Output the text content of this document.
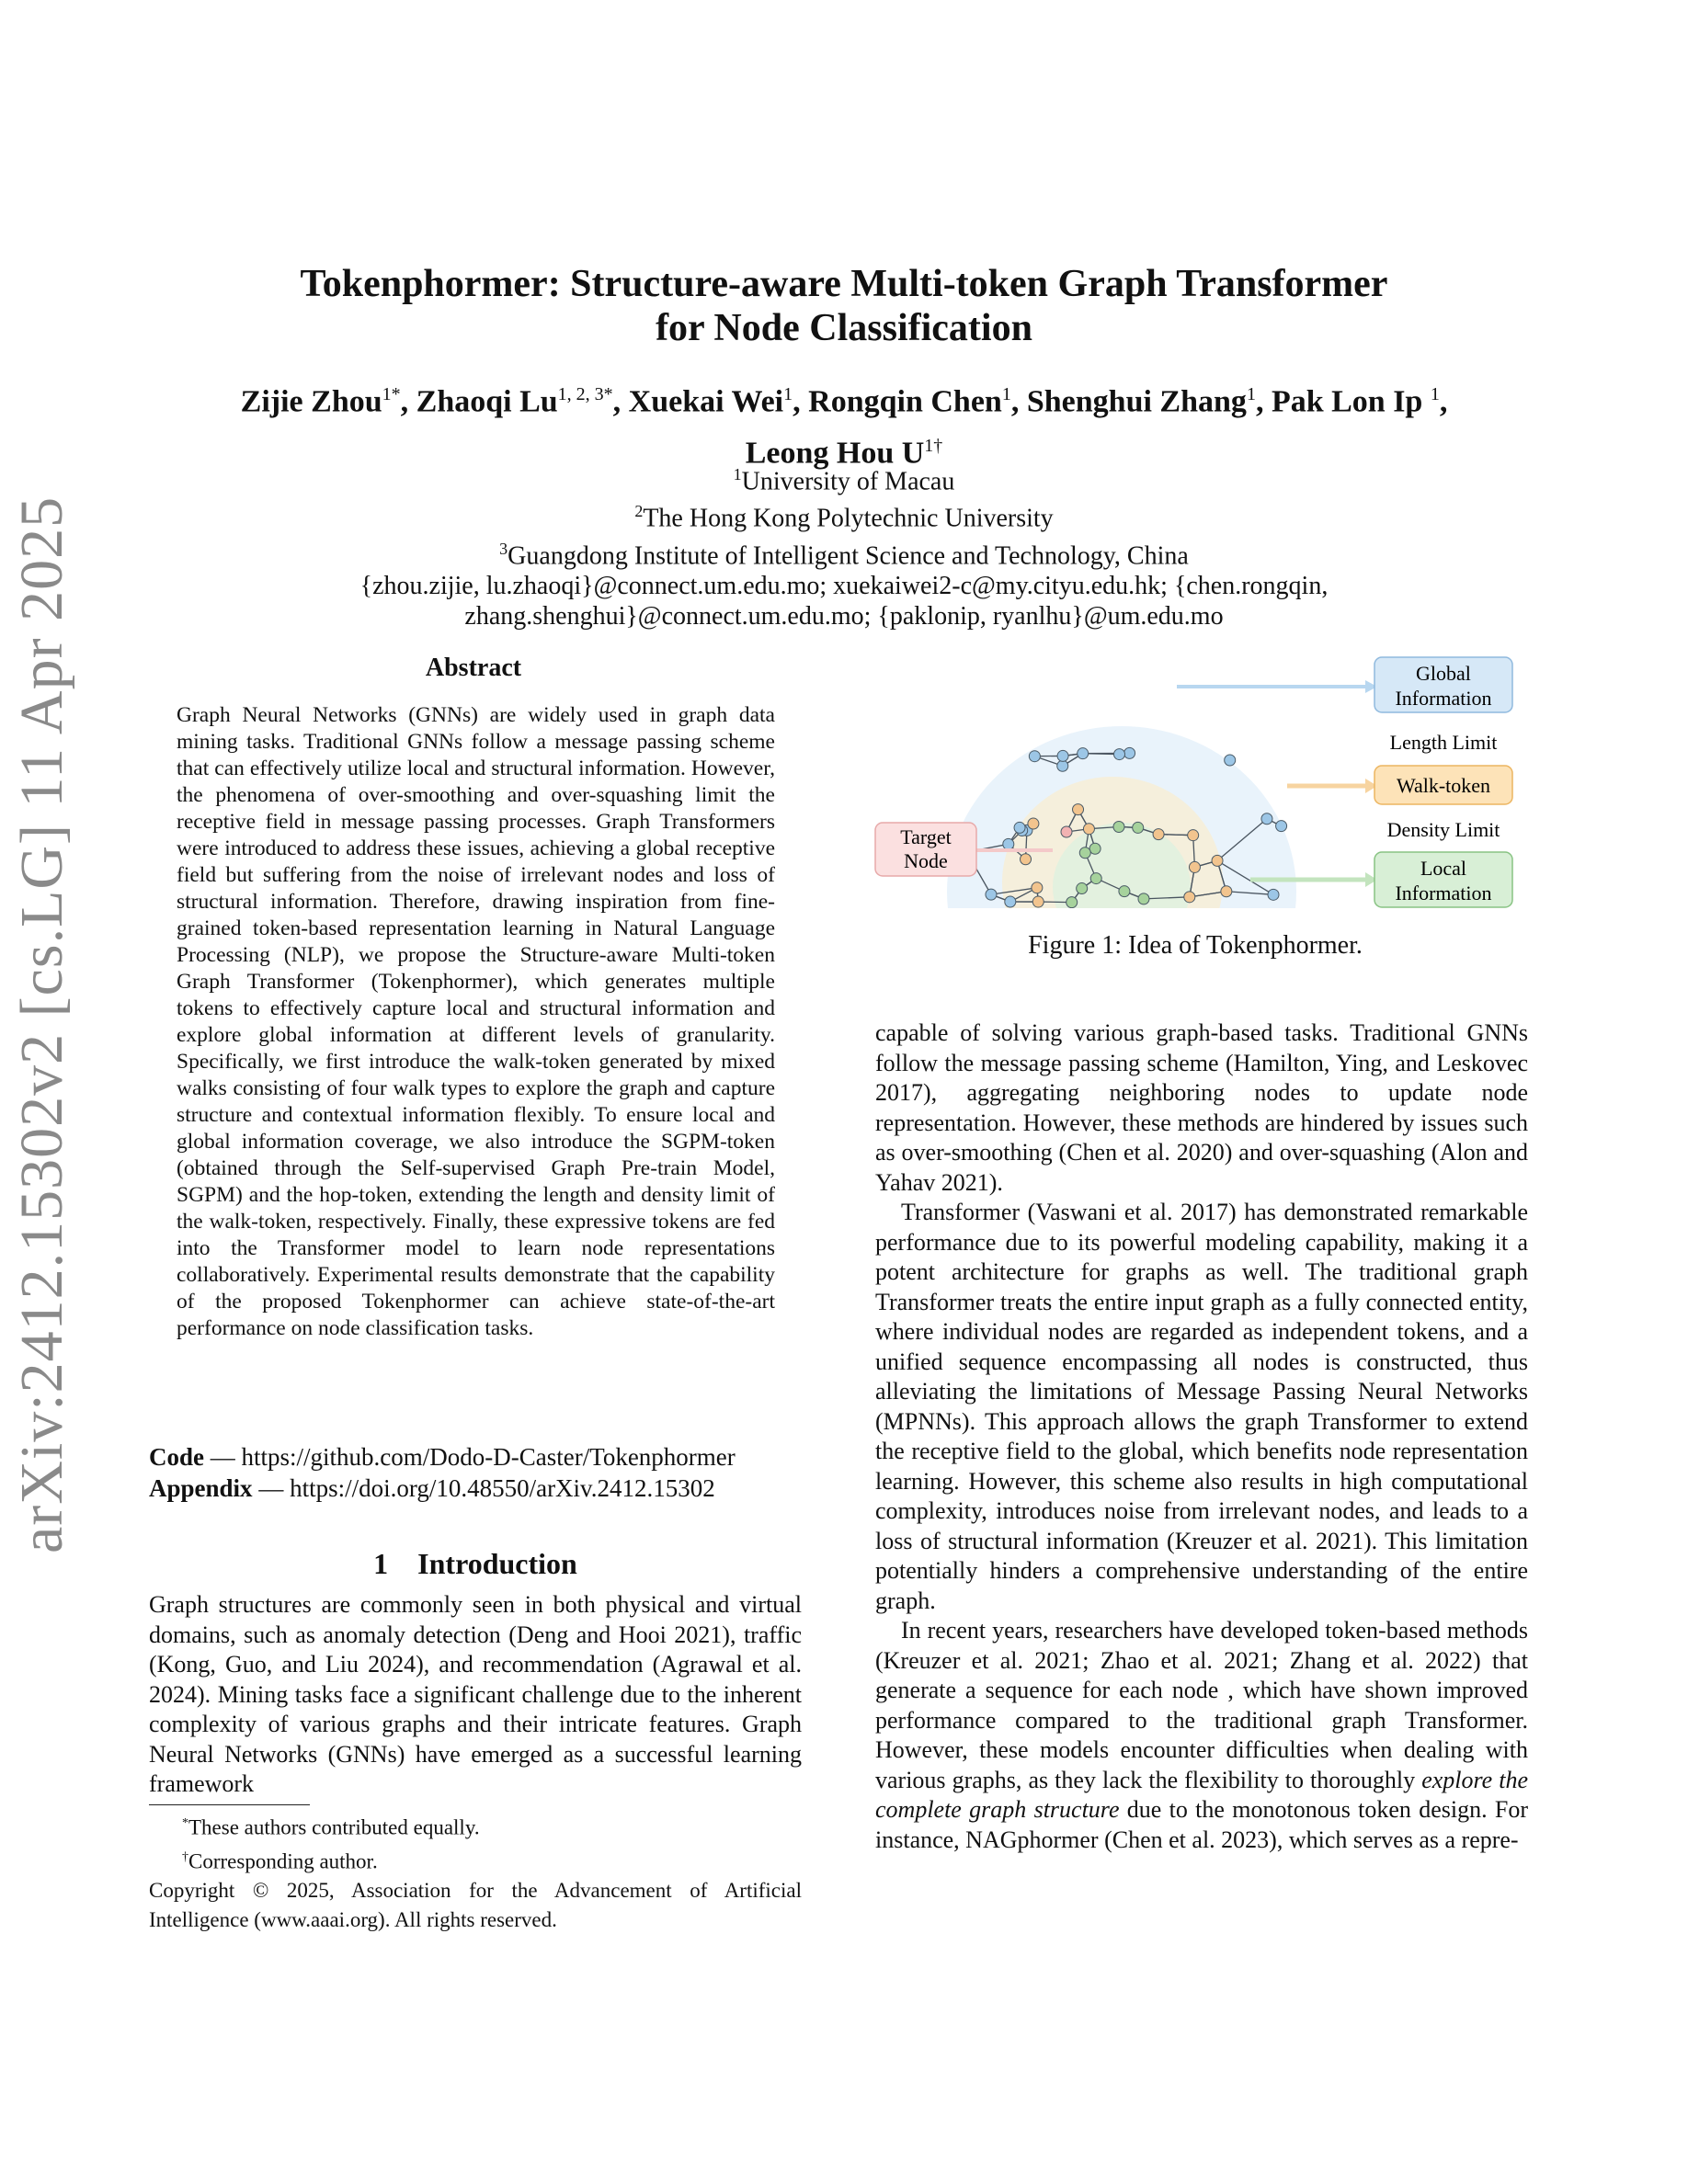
arXiv:2412.15302v2 [cs.LG] 11 Apr 2025
Tokenphormer: Structure-aware Multi-token Graph Transformer
for Node Classification
Zijie Zhou$^{1*}$, Zhaoqi $Lu^{1, 2, 3*}$, Xuekai Wei$^1$, Rongqin Chen$^1$, Shenghui Zhang$^1$, Pak Lon Ip $^1$,
Leong Hou $U^{1\dagger}$
$^1$University of Macau
$^2$The Hong Kong Polytechnic University
$^3$Guangdong Institute of Intelligent Science and Technology, China
{zhou.zijie, lu.zhaoqi}@connect.um.edu.mo; xuekaiwei2-c@my.cityu.edu.hk; {chen.rongqin,
zhang.shenghui}@connect.um.edu.mo; {paklonip, ryanlhu}@um.edu.mo
Abstract
Graph Neural Networks (GNNs) are widely used in graph data mining tasks. Traditional GNNs follow a message passing scheme that can effectively utilize local and structural information. However, the phenomena of over-smoothing and over-squashing limit the receptive field in message passing processes. Graph Transformers were introduced to address these issues, achieving a global receptive field but suffering from the noise of irrelevant nodes and loss of structural information. Therefore, drawing inspiration from fine-grained token-based representation learning in Natural Language Processing (NLP), we propose the Structure-aware Multi-token Graph Transformer (Tokenphormer), which generates multiple tokens to effectively capture local and structural information and explore global information at different levels of granularity. Specifically, we first introduce the walk-token generated by mixed walks consisting of four walk types to explore the graph and capture structure and contextual information flexibly. To ensure local and global information coverage, we also introduce the SGPM-token (obtained through the Self-supervised Graph Pre-train Model, SGPM) and the hop-token, extending the length and density limit of the walk-token, respectively. Finally, these expressive tokens are fed into the Transformer model to learn node representations collaboratively. Experimental results demonstrate that the capability of the proposed Tokenphormer can achieve state-of-the-art performance on node classification tasks.
Code — https://github.com/Dodo-D-Caster/Tokenphormer
Appendix — https://doi.org/10.48550/arXiv.2412.15302
1    Introduction
Graph structures are commonly seen in both physical and virtual domains, such as anomaly detection (Deng and Hooi 2021), traffic (Kong, Guo, and Liu 2024), and recommendation (Agrawal et al. 2024). Mining tasks face a significant challenge due to the inherent complexity of various graphs and their intricate features. Graph Neural Networks (GNNs) have emerged as a successful learning framework
*These authors contributed equally.
†Corresponding author.
Copyright © 2025, Association for the Advancement of Artificial Intelligence (www.aaai.org). All rights reserved.
Target
Node
Global
Information
Length Limit
Walk-token
Density Limit
Local
Information
Figure 1: Idea of Tokenphormer.

capable of solving various graph-based tasks. Traditional GNNs follow the message passing scheme (Hamilton, Ying, and Leskovec 2017), aggregating neighboring nodes to update node representation. However, these methods are hindered by issues such as over-smoothing (Chen et al. 2020) and over-squashing (Alon and Yahav 2021).

Transformer (Vaswani et al. 2017) has demonstrated remarkable performance due to its powerful modeling capability, making it a potent architecture for graphs as well. The traditional graph Transformer treats the entire input graph as a fully connected entity, where individual nodes are regarded as independent tokens, and a unified sequence encompassing all nodes is constructed, thus alleviating the limitations of Message Passing Neural Networks (MPNNs). This approach allows the graph Transformer to extend the receptive field to the global, which benefits node representation learning. However, this scheme also results in high computational complexity, introduces noise from irrelevant nodes, and leads to a loss of structural information (Kreuzer et al. 2021). This limitation potentially hinders a comprehensive understanding of the entire graph.

In recent years, researchers have developed token-based methods (Kreuzer et al. 2021; Zhao et al. 2021; Zhang et al. 2022) that generate a sequence for each node , which have shown improved performance compared to the traditional graph Transformer. However, these models encounter difficulties when dealing with various graphs, as they lack the flexibility to thoroughly explore the complete graph structure due to the monotonous token design. For instance, NAGphormer (Chen et al. 2023), which serves as a repre-
